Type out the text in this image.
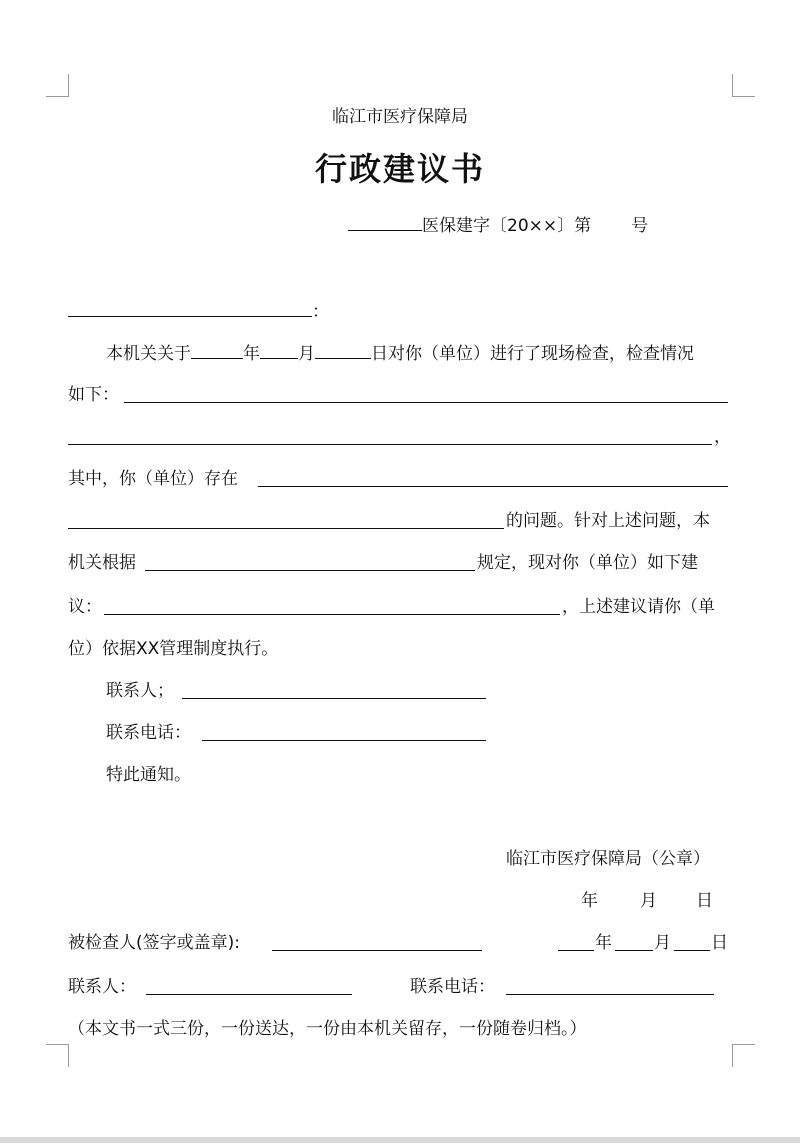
临江市医疗保障局
行政建议书
医保建字〔20××〕第 号
：
本机关关于	年 月	日对你（单位）进行了现场检查，检查情况
如下：
，
其中，你（单位）存在
的问题。针对上述问题，本
机关根据	规定，现对你（单位）如下建
议：	，上述建议请你（单
位）依据XX管理制度执行。
联系人；
联系电话：
特此通知。
临江市医疗保障局（公章）
年 月 日
被检查人(签字或盖章):	年 月 日
联系人：	联系电话：
（本文书一式三份，一份送达，一份由本机关留存，一份随卷归档。）
